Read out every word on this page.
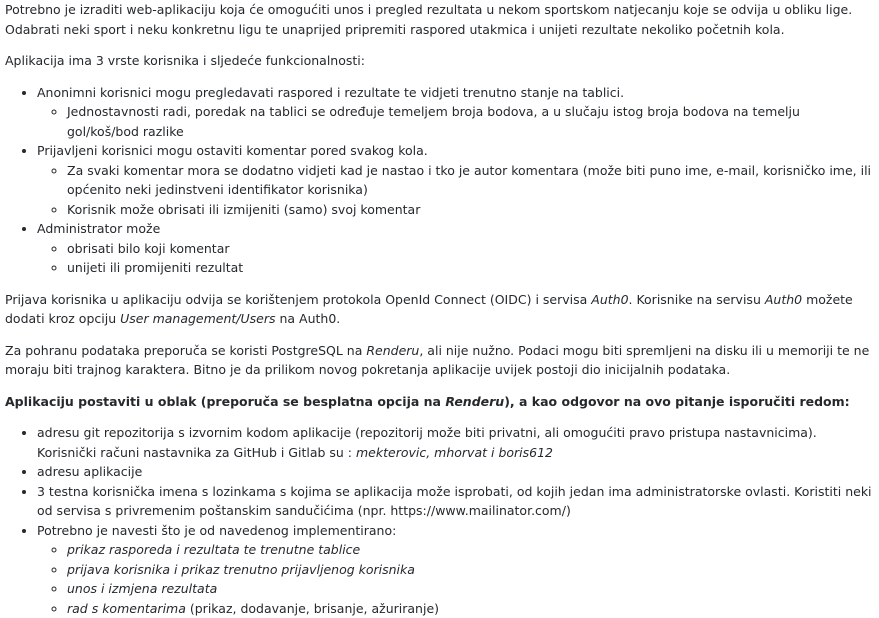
Potrebno je izraditi web-aplikaciju koja će omogućiti unos i pregled rezultata u nekom sportskom natjecanju koje se odvija u obliku lige. Odabrati neki sport i neku konkretnu ligu te unaprijed pripremiti raspored utakmica i unijeti rezultate nekoliko početnih kola.

Aplikacija ima 3 vrste korisnika i sljedeće funkcionalnosti:

• Anonimni korisnici mogu pregledavati raspored i rezultate te vidjeti trenutno stanje na tablici.
◦ Jednostavnosti radi, poredak na tablici se određuje temeljem broja bodova, a u slučaju istog broja bodova na temelju gol/koš/bod razlike
• Prijavljeni korisnici mogu ostaviti komentar pored svakog kola.
◦ Za svaki komentar mora se dodatno vidjeti kad je nastao i tko je autor komentara (može biti puno ime, e-mail, korisničko ime, ili općenito neki jedinstveni identifikator korisnika)
◦ Korisnik može obrisati ili izmijeniti (samo) svoj komentar
• Administrator može
◦ obrisati bilo koji komentar
◦ unijeti ili promijeniti rezultat

Prijava korisnika u aplikaciju odvija se korištenjem protokola OpenId Connect (OIDC) i servisa Auth0. Korisnike na servisu Auth0 možete dodati kroz opciju User management/Users na Auth0.

Za pohranu podataka preporuča se koristi PostgreSQL na Renderu, ali nije nužno. Podaci mogu biti spremljeni na disku ili u memoriji te ne moraju biti trajnog karaktera. Bitno je da prilikom novog pokretanja aplikacije uvijek postoji dio inicijalnih podataka.

Aplikaciju postaviti u oblak (preporuča se besplatna opcija na Renderu), a kao odgovor na ovo pitanje isporučiti redom:

• adresu git repozitorija s izvornim kodom aplikacije (repozitorij može biti privatni, ali omogućiti pravo pristupa nastavnicima). Korisnički računi nastavnika za GitHub i Gitlab su : mekterovic, mhorvat i boris612
• adresu aplikacije
• 3 testna korisnička imena s lozinkama s kojima se aplikacija može isprobati, od kojih jedan ima administratorske ovlasti. Koristiti neki od servisa s privremenim poštanskim sandučićima (npr. https://www.mailinator.com/)
• Potrebno je navesti što je od navedenog implementirano:
◦ prikaz rasporeda i rezultata te trenutne tablice
◦ prijava korisnika i prikaz trenutno prijavljenog korisnika
◦ unos i izmjena rezultata
◦ rad s komentarima (prikaz, dodavanje, brisanje, ažuriranje)
